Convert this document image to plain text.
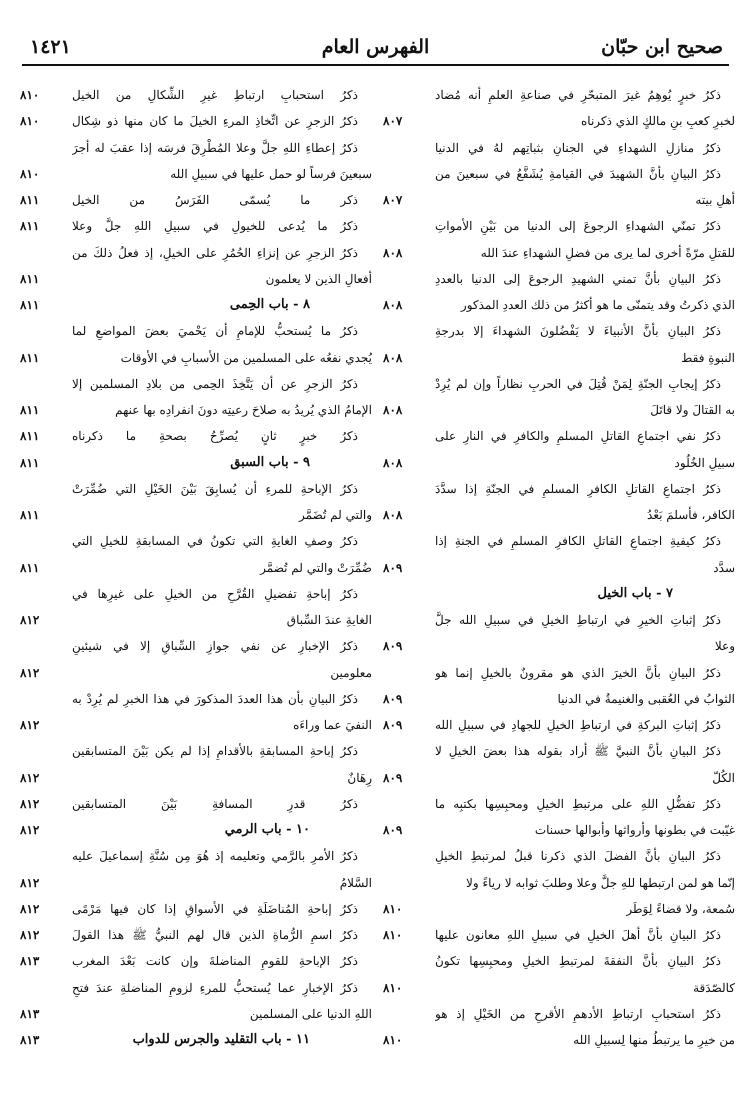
صحيح ابن حبّان
الفهرس العام
١٤٢١
ذكرُ خبرٍ يُوهِمُ غيرَ المتبحّرِ في صناعةِ العلمِ أنه مُضاد
لخبرِ كعبِ بنِ مالكٍ الذي ذكرناه
٨٠٧
ذكرُ منازلِ الشهداءِ في الجنانِ بثباتِهم لهُ في الدنيا
ذكرُ البيانِ بأنَّ الشهيدَ في القيامةِ يُشَفَّعُ في سبعينَ من
أهلِ بيته
٨٠٧
ذكرُ تمنّي الشهداءِ الرجوعَ إلى الدنيا من بَيْنِ الأمواتِ
للقتلِ مرّةً أخرى لما يرى من فضلِ الشهداءِ عندَ الله
٨٠٨
ذكرُ البيانِ بأنَّ تمني الشهيدِ الرجوعَ إلى الدنيا بالعددِ
الذي ذكرتُ وقد يتمنّى ما هو أكثرُ من ذلك العددِ المذكور
٨٠٨
ذكرُ البيانِ بأنَّ الأنبياءَ لا يَفْضُلونَ الشهداءَ إلا بدرجةِ
النبوةِ فقط
٨٠٨
ذكرُ إيجابِ الجنّةِ لِمَنْ قُتِلَ في الحربِ نظاراً وإن لم يُرِدْ
به القتالَ ولا قاتَلَ
٨٠٨
ذكرُ نفي اجتماعِ القاتلِ المسلمِ والكافرِ في النارِ على
سبيلِ الخُلُود
٨٠٨
ذكرُ اجتماعِ القاتلِ الكافرِ المسلمِ في الجنّةِ إذا سدَّدَ
الكافر، فأسلمَ بَعْدُ
٨٠٨
ذكرُ كيفيةِ اجتماعِ القاتلِ الكافرِ المسلمِ في الجنةِ إذا
سدَّد
٨٠٩
٧ - باب الخيل
ذكرُ إثباتِ الخيرِ في ارتباطِ الخيلِ في سبيلِ الله جلَّ
وعلا
٨٠٩
ذكرُ البيانِ بأنَّ الخيرَ الذي هو مقرونٌ بالخيلِ إنما هو
الثوابُ في العُقبى والغنيمةُ في الدنيا
٨٠٩
ذكرُ إثباتِ البركةِ في ارتباطِ الخيلِ للجهادِ في سبيلِ الله
٨٠٩
ذكرُ البيانِ بأنَّ النبيَّ ﷺ أراد بقوله هذا بعضَ الخيلِ لا
الكُلّ
٨٠٩
ذكرُ تفضُّلِ اللهِ على مرتبطِ الخيلِ ومحبِسِها بكتبِه ما
غيّبت في بطونها وأرواثها وأبوالها حسنات
٨٠٩
ذكرُ البيانِ بأنَّ الفضلَ الذي ذكرنا قبلُ لمرتبطِ الخيلِ
إنّما هو لمن ارتبطها للهِ جلَّ وعلا وطلبَ ثوابه لا رياءً ولا
سُمعة، ولا قضاءً لِوَطَر
٨١٠
ذكرُ البيانِ بأنَّ أهلَ الخيلِ في سبيلِ اللهِ معانون عليها
٨١٠
ذكرُ البيانِ بأنَّ النفقةَ لمرتبطِ الخيلِ ومحبِسِها تكونُ
كالصّدَقة
٨١٠
ذكرُ استحبابِ ارتباطِ الأدهمِ الأقرحِ من الخَيْلِ إذ هو
من خيرِ ما يرتبطُ منها لِسبيلِ الله
٨١٠
ذكرُ استحبابِ ارتباطِ غيرِ الشِّكالِ من الخيل
٨١٠
ذكرُ الزجرِ عن اتِّخاذِ المرءِ الخيلَ ما كان منها ذو شِكال
٨١٠
ذكرُ إعطاءِ اللهِ جلَّ وعلا المُطْرِقَ فرسَه إذا عقبَ له أجرَ
سبعينَ فرساً لو حمل عليها في سبيلِ الله
٨١٠
ذكر ما يُسمّى الفَرَسُ من الخيل
٨١١
ذكرُ ما يُدعى للخيولِ في سبيلِ اللهِ جلَّ وعلا
٨١١
ذكرُ الزجرِ عن إنزاءِ الحُمُرِ على الخيلِ، إذ فعلُ ذلكَ من
أفعالِ الذين لا يعلمون
٨١١
٨ - باب الحِمى
٨١١
ذكرُ ما يُستحبُّ للإمامِ أن يَحْميَ بعضَ المواضعِ لما
يُجدي نفعُه على المسلمين من الأسبابِ في الأوقات
٨١١
ذكرُ الزجرِ عن أن يَتَّخِذَ الحِمى من بلادِ المسلمين إلا
الإمامُ الذي يُريدُ به صلاحَ رعيتِه دونَ انفرادِه بها عنهم
٨١١
ذكرُ خبرٍ ثانٍ يُصرِّحُ بصحةِ ما ذكرناه
٨١١
٩ - باب السبق
٨١١
ذكرُ الإباحةِ للمرءِ أن يُسابِقَ بَيْنَ الخَيْلِ التي ضُمِّرَتْ
والتي لم تُضَمَّر
٨١١
ذكرُ وصفِ الغايةِ التي تكونُ في المسابقةِ للخيلِ التي
ضُمِّرَتْ والتي لم تُضمَّر
٨١١
ذكرُ إباحةِ تفضيلِ القُرَّحِ من الخيلِ على غيرِها في
الغايةِ عندَ السِّباق
٨١٢
ذكرُ الإخبارِ عن نفي جوازِ السِّباقِ إلا في شيئينِ
معلومين
٨١٢
ذكرُ البيانِ بأن هذا العددَ المذكورَ في هذا الخبرِ لم يُرِدْ به
النفيَ عما وراءَه
٨١٢
ذكرُ إباحةِ المسابقةِ بالأقدامِ إذا لم يكن بَيْنَ المتسابقين
رِهَانٌ
٨١٢
ذكرُ قدرِ المسافةِ بَيْنَ المتسابقين
٨١٢
١٠ - باب الرمي
٨١٢
ذكرُ الأمرِ بالرَّمي وتعليمه إذ هُوَ مِن سُنَّةِ إسماعيلَ عليه
السَّلامُ
٨١٢
ذكرُ إباحةِ المُناضَلَةِ في الأسواقِ إذا كان فيها مَرْمًى
٨١٢
ذكرُ اسمِ الرُّماةِ الذين قال لهم النبيُّ ﷺ هذا القولَ
٨١٢
ذكرُ الإباحةِ للقومِ المناضلةَ وإن كانت بَعْدَ المغرب
٨١٣
ذكرُ الإخبارِ عما يُستحبُّ للمرءِ لزومِ المناضلةِ عندَ فتحِ
اللهِ الدنيا على المسلمين
٨١٣
١١ - باب التقليد والجرس للدواب
٨١٣
